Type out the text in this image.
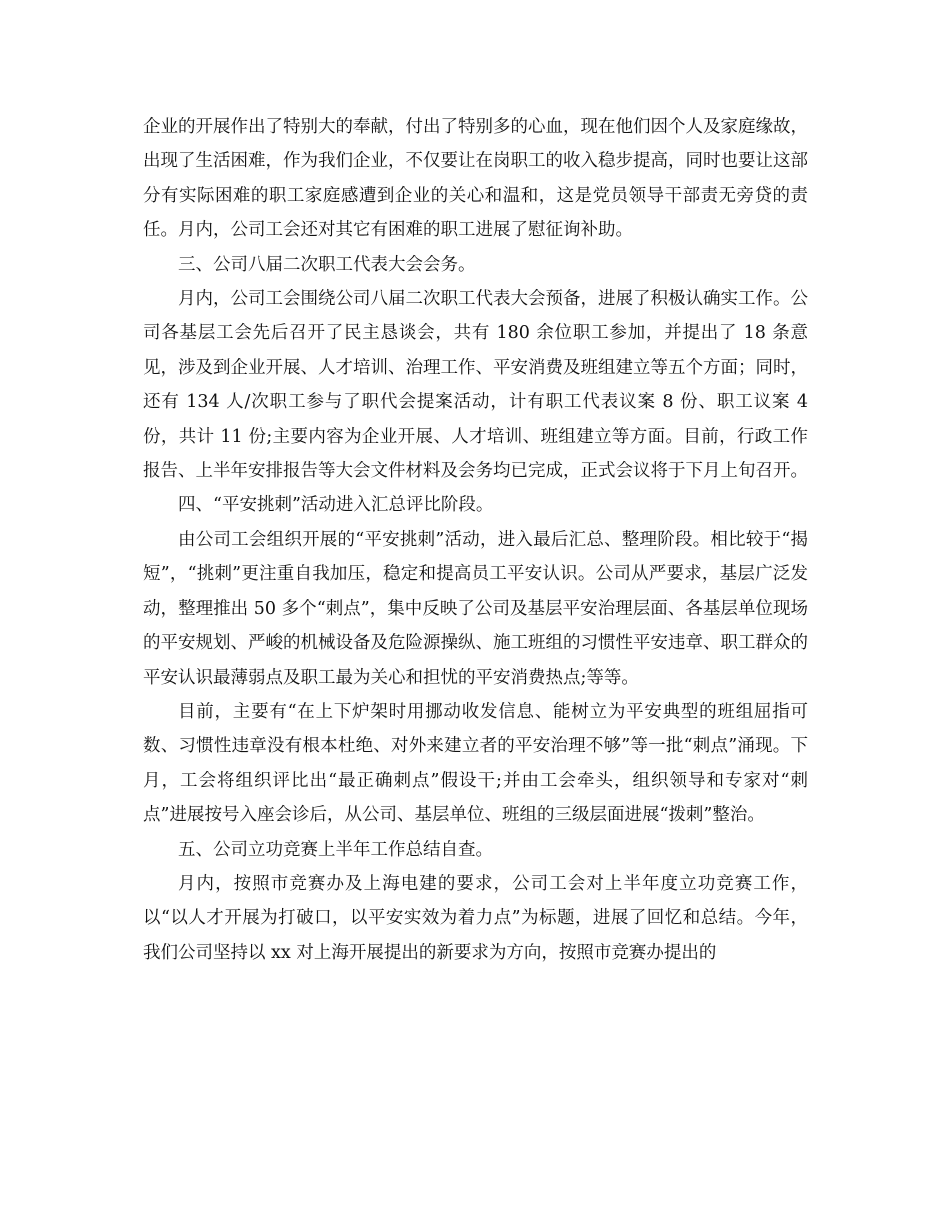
企业的开展作出了特别大的奉献，付出了特别多的心血，现在他们因个人及家庭缘故，出现了生活困难，作为我们企业，不仅要让在岗职工的收入稳步提高，同时也要让这部分有实际困难的职工家庭感遭到企业的关心和温和，这是党员领导干部责无旁贷的责任。月内，公司工会还对其它有困难的职工进展了慰征询补助。

三、公司八届二次职工代表大会会务。

月内，公司工会围绕公司八届二次职工代表大会预备，进展了积极认确实工作。公司各基层工会先后召开了民主恳谈会，共有 180 余位职工参加，并提出了 18 条意见，涉及到企业开展、人才培训、治理工作、平安消费及班组建立等五个方面；同时，还有 134 人/次职工参与了职代会提案活动，计有职工代表议案 8 份、职工议案 4 份，共计 11 份;主要内容为企业开展、人才培训、班组建立等方面。目前，行政工作报告、上半年安排报告等大会文件材料及会务均已完成，正式会议将于下月上旬召开。

四、“平安挑刺”活动进入汇总评比阶段。

由公司工会组织开展的“平安挑刺”活动，进入最后汇总、整理阶段。相比较于“揭短”，“挑刺”更注重自我加压，稳定和提高员工平安认识。公司从严要求，基层广泛发动，整理推出 50 多个“刺点”，集中反映了公司及基层平安治理层面、各基层单位现场的平安规划、严峻的机械设备及危险源操纵、施工班组的习惯性平安违章、职工群众的平安认识最薄弱点及职工最为关心和担忧的平安消费热点;等等。

目前，主要有“在上下炉架时用挪动收发信息、能树立为平安典型的班组屈指可数、习惯性违章没有根本杜绝、对外来建立者的平安治理不够”等一批“刺点”涌现。下月，工会将组织评比出“最正确刺点”假设干;并由工会牵头，组织领导和专家对“刺点”进展按号入座会诊后，从公司、基层单位、班组的三级层面进展“拨刺”整治。

五、公司立功竞赛上半年工作总结自查。

月内，按照市竞赛办及上海电建的要求，公司工会对上半年度立功竞赛工作，以“以人才开展为打破口，以平安实效为着力点”为标题，进展了回忆和总结。今年，我们公司坚持以 xx 对上海开展提出的新要求为方向，按照市竞赛办提出的
